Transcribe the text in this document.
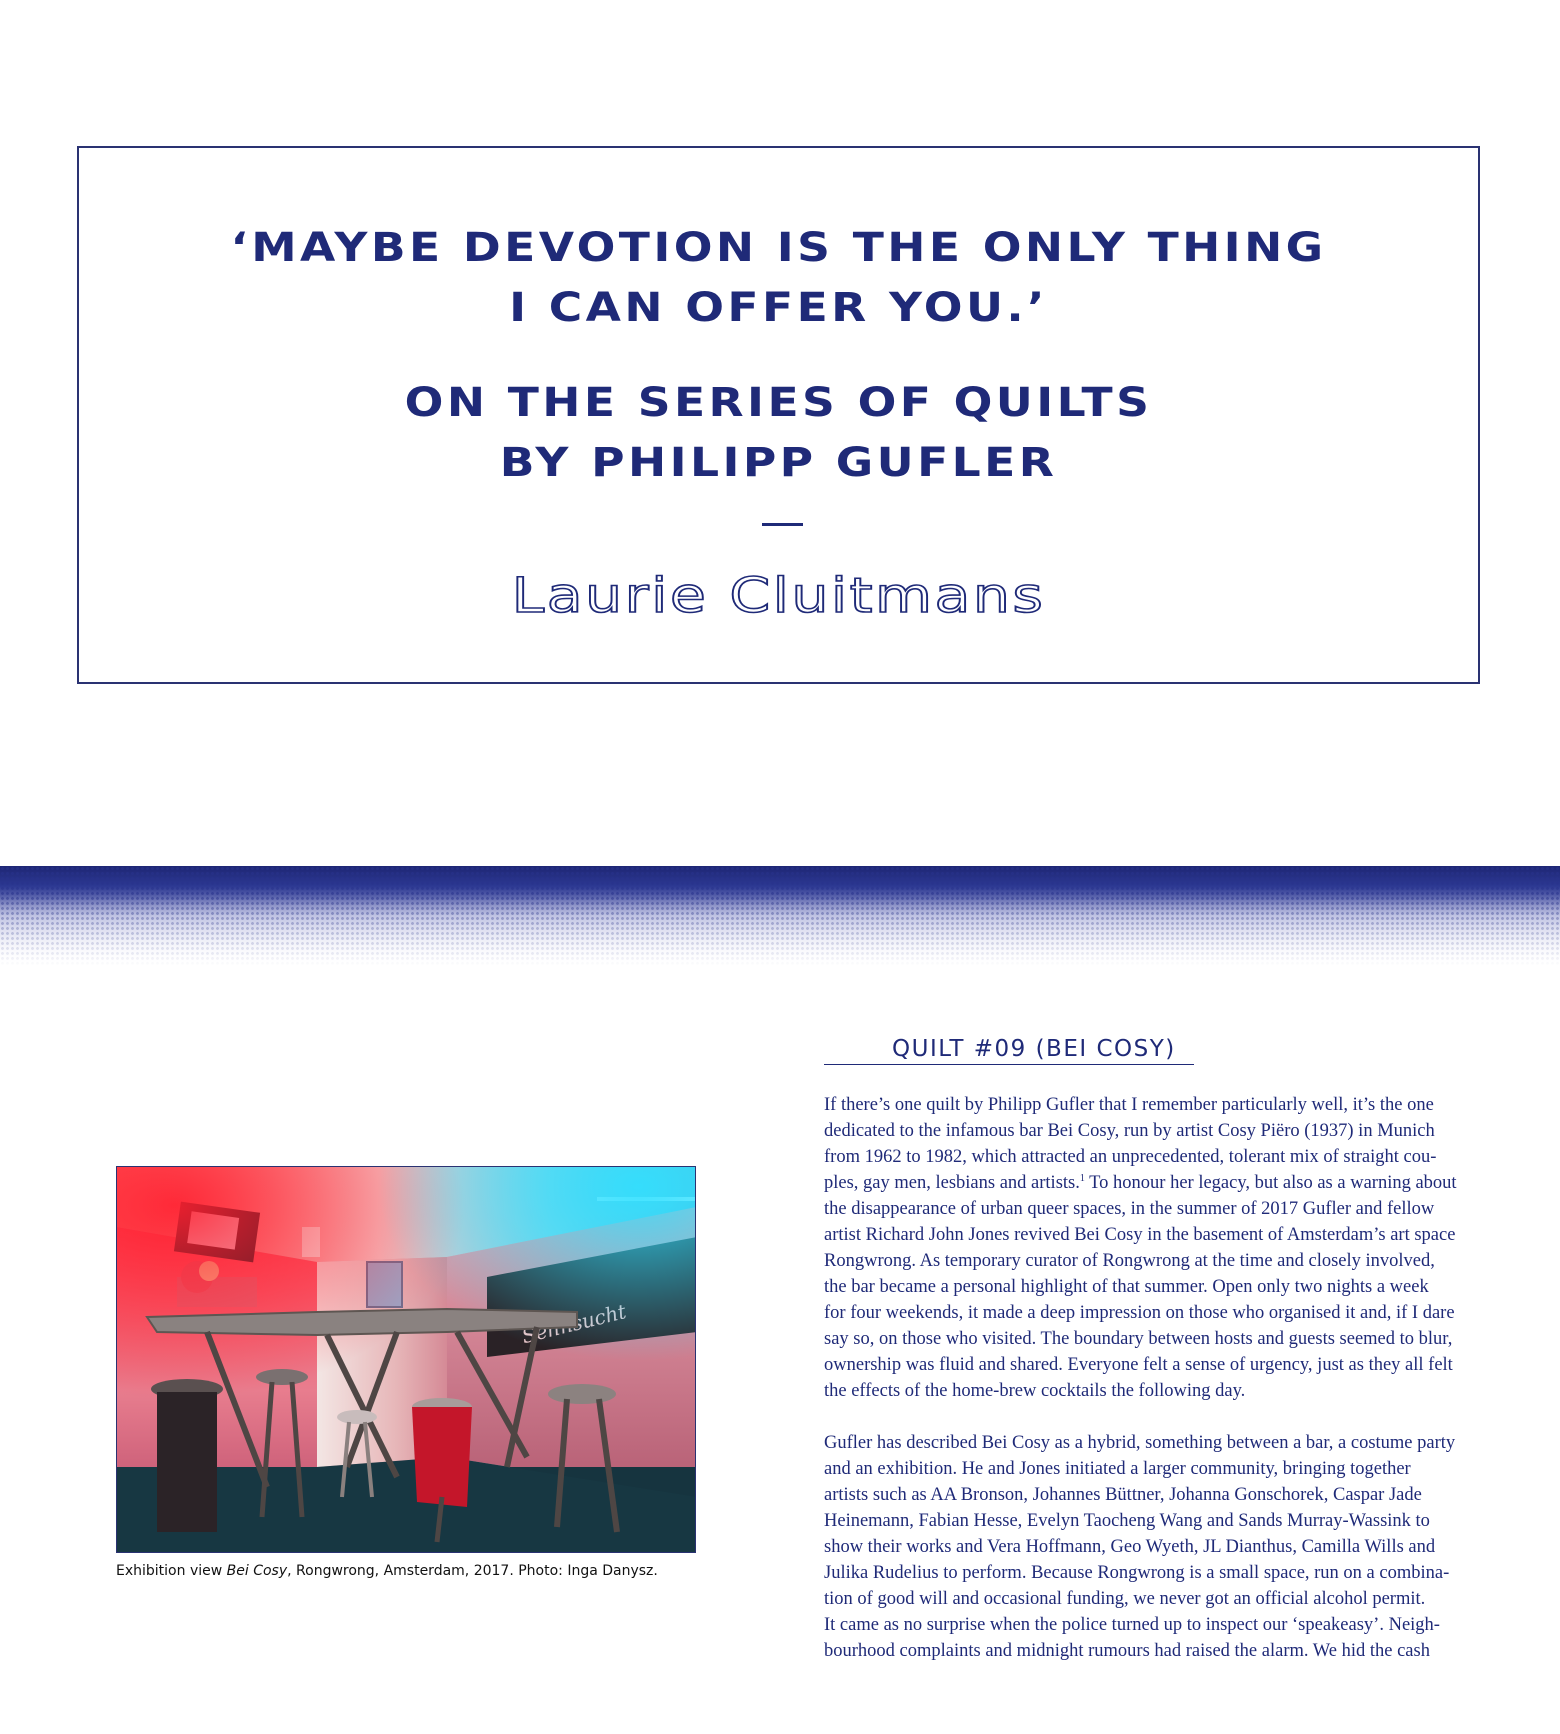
‘MAYBE DEVOTION IS THE ONLY THING
I CAN OFFER YOU.’

ON THE SERIES OF QUILTS
BY PHILIPP GUFLER

Laurie Cluitmans

Exhibition view Bei Cosy, Rongwrong, Amsterdam, 2017. Photo: Inga Danysz.

QUILT #09 (BEI COSY)

If there’s one quilt by Philipp Gufler that I remember particularly well, it’s the one
dedicated to the infamous bar Bei Cosy, run by artist Cosy Piëro (1937) in Munich
from 1962 to 1982, which attracted an unprecedented, tolerant mix of straight cou-
ples, gay men, lesbians and artists.$^1$ To honour her legacy, but also as a warning about
the disappearance of urban queer spaces, in the summer of 2017 Gufler and fellow
artist Richard John Jones revived Bei Cosy in the basement of Amsterdam’s art space
Rongwrong. As temporary curator of Rongwrong at the time and closely involved,
the bar became a personal highlight of that summer. Open only two nights a week
for four weekends, it made a deep impression on those who organised it and, if I dare
say so, on those who visited. The boundary between hosts and guests seemed to blur,
ownership was fluid and shared. Everyone felt a sense of urgency, just as they all felt
the effects of the home-brew cocktails the following day.
Gufler has described Bei Cosy as a hybrid, something between a bar, a costume party
and an exhibition. He and Jones initiated a larger community, bringing together
artists such as AA Bronson, Johannes Büttner, Johanna Gonschorek, Caspar Jade
Heinemann, Fabian Hesse, Evelyn Taocheng Wang and Sands Murray-Wassink to
show their works and Vera Hoffmann, Geo Wyeth, JL Dianthus, Camilla Wills and
Julika Rudelius to perform. Because Rongwrong is a small space, run on a combina-
tion of good will and occasional funding, we never got an official alcohol permit.
It came as no surprise when the police turned up to inspect our ‘speakeasy’. Neigh-
bourhood complaints and midnight rumours had raised the alarm. We hid the cash
